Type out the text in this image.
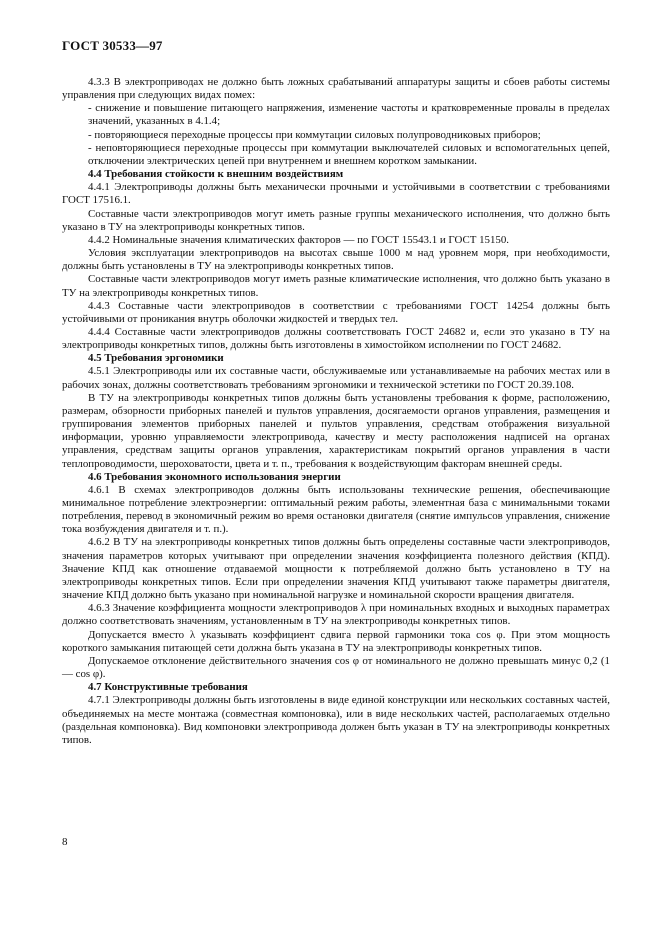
ГОСТ 30533—97

4.3.3 В электроприводах не должно быть ложных срабатываний аппаратуры защиты и сбоев работы системы управления при следующих видах помех:

- снижение и повышение питающего напряжения, изменение частоты и кратковременные провалы в пределах значений, указанных в 4.1.4;

- повторяющиеся переходные процессы при коммутации силовых полупроводниковых приборов;

- неповторяющиеся переходные процессы при коммутации выключателей силовых и вспомогательных цепей, отключении электрических цепей при внутреннем и внешнем коротком замыкании.

4.4 Требования стойкости к внешним воздействиям

4.4.1 Электроприводы должны быть механически прочными и устойчивыми в соответствии с требованиями ГОСТ 17516.1.

Составные части электроприводов могут иметь разные группы механического исполнения, что должно быть указано в ТУ на электроприводы конкретных типов.

4.4.2 Номинальные значения климатических факторов — по ГОСТ 15543.1 и ГОСТ 15150.

Условия эксплуатации электроприводов на высотах свыше 1000 м над уровнем моря, при необходимости, должны быть установлены в ТУ на электроприводы конкретных типов.

Составные части электроприводов могут иметь разные климатические исполнения, что должно быть указано в ТУ на электроприводы конкретных типов.

4.4.3 Составные части электроприводов в соответствии с требованиями ГОСТ 14254 должны быть устойчивыми от проникания внутрь оболочки жидкостей и твердых тел.

4.4.4 Составные части электроприводов должны соответствовать ГОСТ 24682 и, если это указано в ТУ на электроприводы конкретных типов, должны быть изготовлены в химостойком исполнении по ГОСТ 24682.

4.5 Требования эргономики

4.5.1 Электроприводы или их составные части, обслуживаемые или устанавливаемые на рабочих местах или в рабочих зонах, должны соответствовать требованиям эргономики и технической эстетики по ГОСТ 20.39.108.

В ТУ на электроприводы конкретных типов должны быть установлены требования к форме, расположению, размерам, обзорности приборных панелей и пультов управления, досягаемости органов управления, размещения и группирования элементов приборных панелей и пультов управления, средствам отображения визуальной информации, уровню управляемости электропривода, качеству и месту расположения надписей на органах управления, средствам защиты органов управления, характеристикам покрытий органов управления в части теплопроводимости, шероховатости, цвета и т. п., требования к воздействующим факторам внешней среды.

4.6 Требования экономного использования энергии

4.6.1 В схемах электроприводов должны быть использованы технические решения, обеспечивающие минимальное потребление электроэнергии: оптимальный режим работы, элементная база с минимальными токами потребления, перевод в экономичный режим во время остановки двигателя (снятие импульсов управления, снижение тока возбуждения двигателя и т. п.).

4.6.2 В ТУ на электроприводы конкретных типов должны быть определены составные части электроприводов, значения параметров которых учитывают при определении значения коэффициента полезного действия (КПД). Значение КПД как отношение отдаваемой мощности к потребляемой должно быть установлено в ТУ на электроприводы конкретных типов. Если при определении значения КПД учитывают также параметры двигателя, значение КПД должно быть указано при номинальной нагрузке и номинальной скорости вращения двигателя.

4.6.3 Значение коэффициента мощности электроприводов λ при номинальных входных и выходных параметрах должно соответствовать значениям, установленным в ТУ на электроприводы конкретных типов.

Допускается вместо λ указывать коэффициент сдвига первой гармоники тока cos φ. При этом мощность короткого замыкания питающей сети должна быть указана в ТУ на электроприводы конкретных типов.

Допускаемое отклонение действительного значения cos φ от номинального не должно превышать минус 0,2 (1 — cos φ).

4.7 Конструктивные требования

4.7.1 Электроприводы должны быть изготовлены в виде единой конструкции или нескольких составных частей, объединяемых на месте монтажа (совместная компоновка), или в виде нескольких частей, располагаемых отдельно (раздельная компоновка). Вид компоновки электропривода должен быть указан в ТУ на электроприводы конкретных типов.

8
